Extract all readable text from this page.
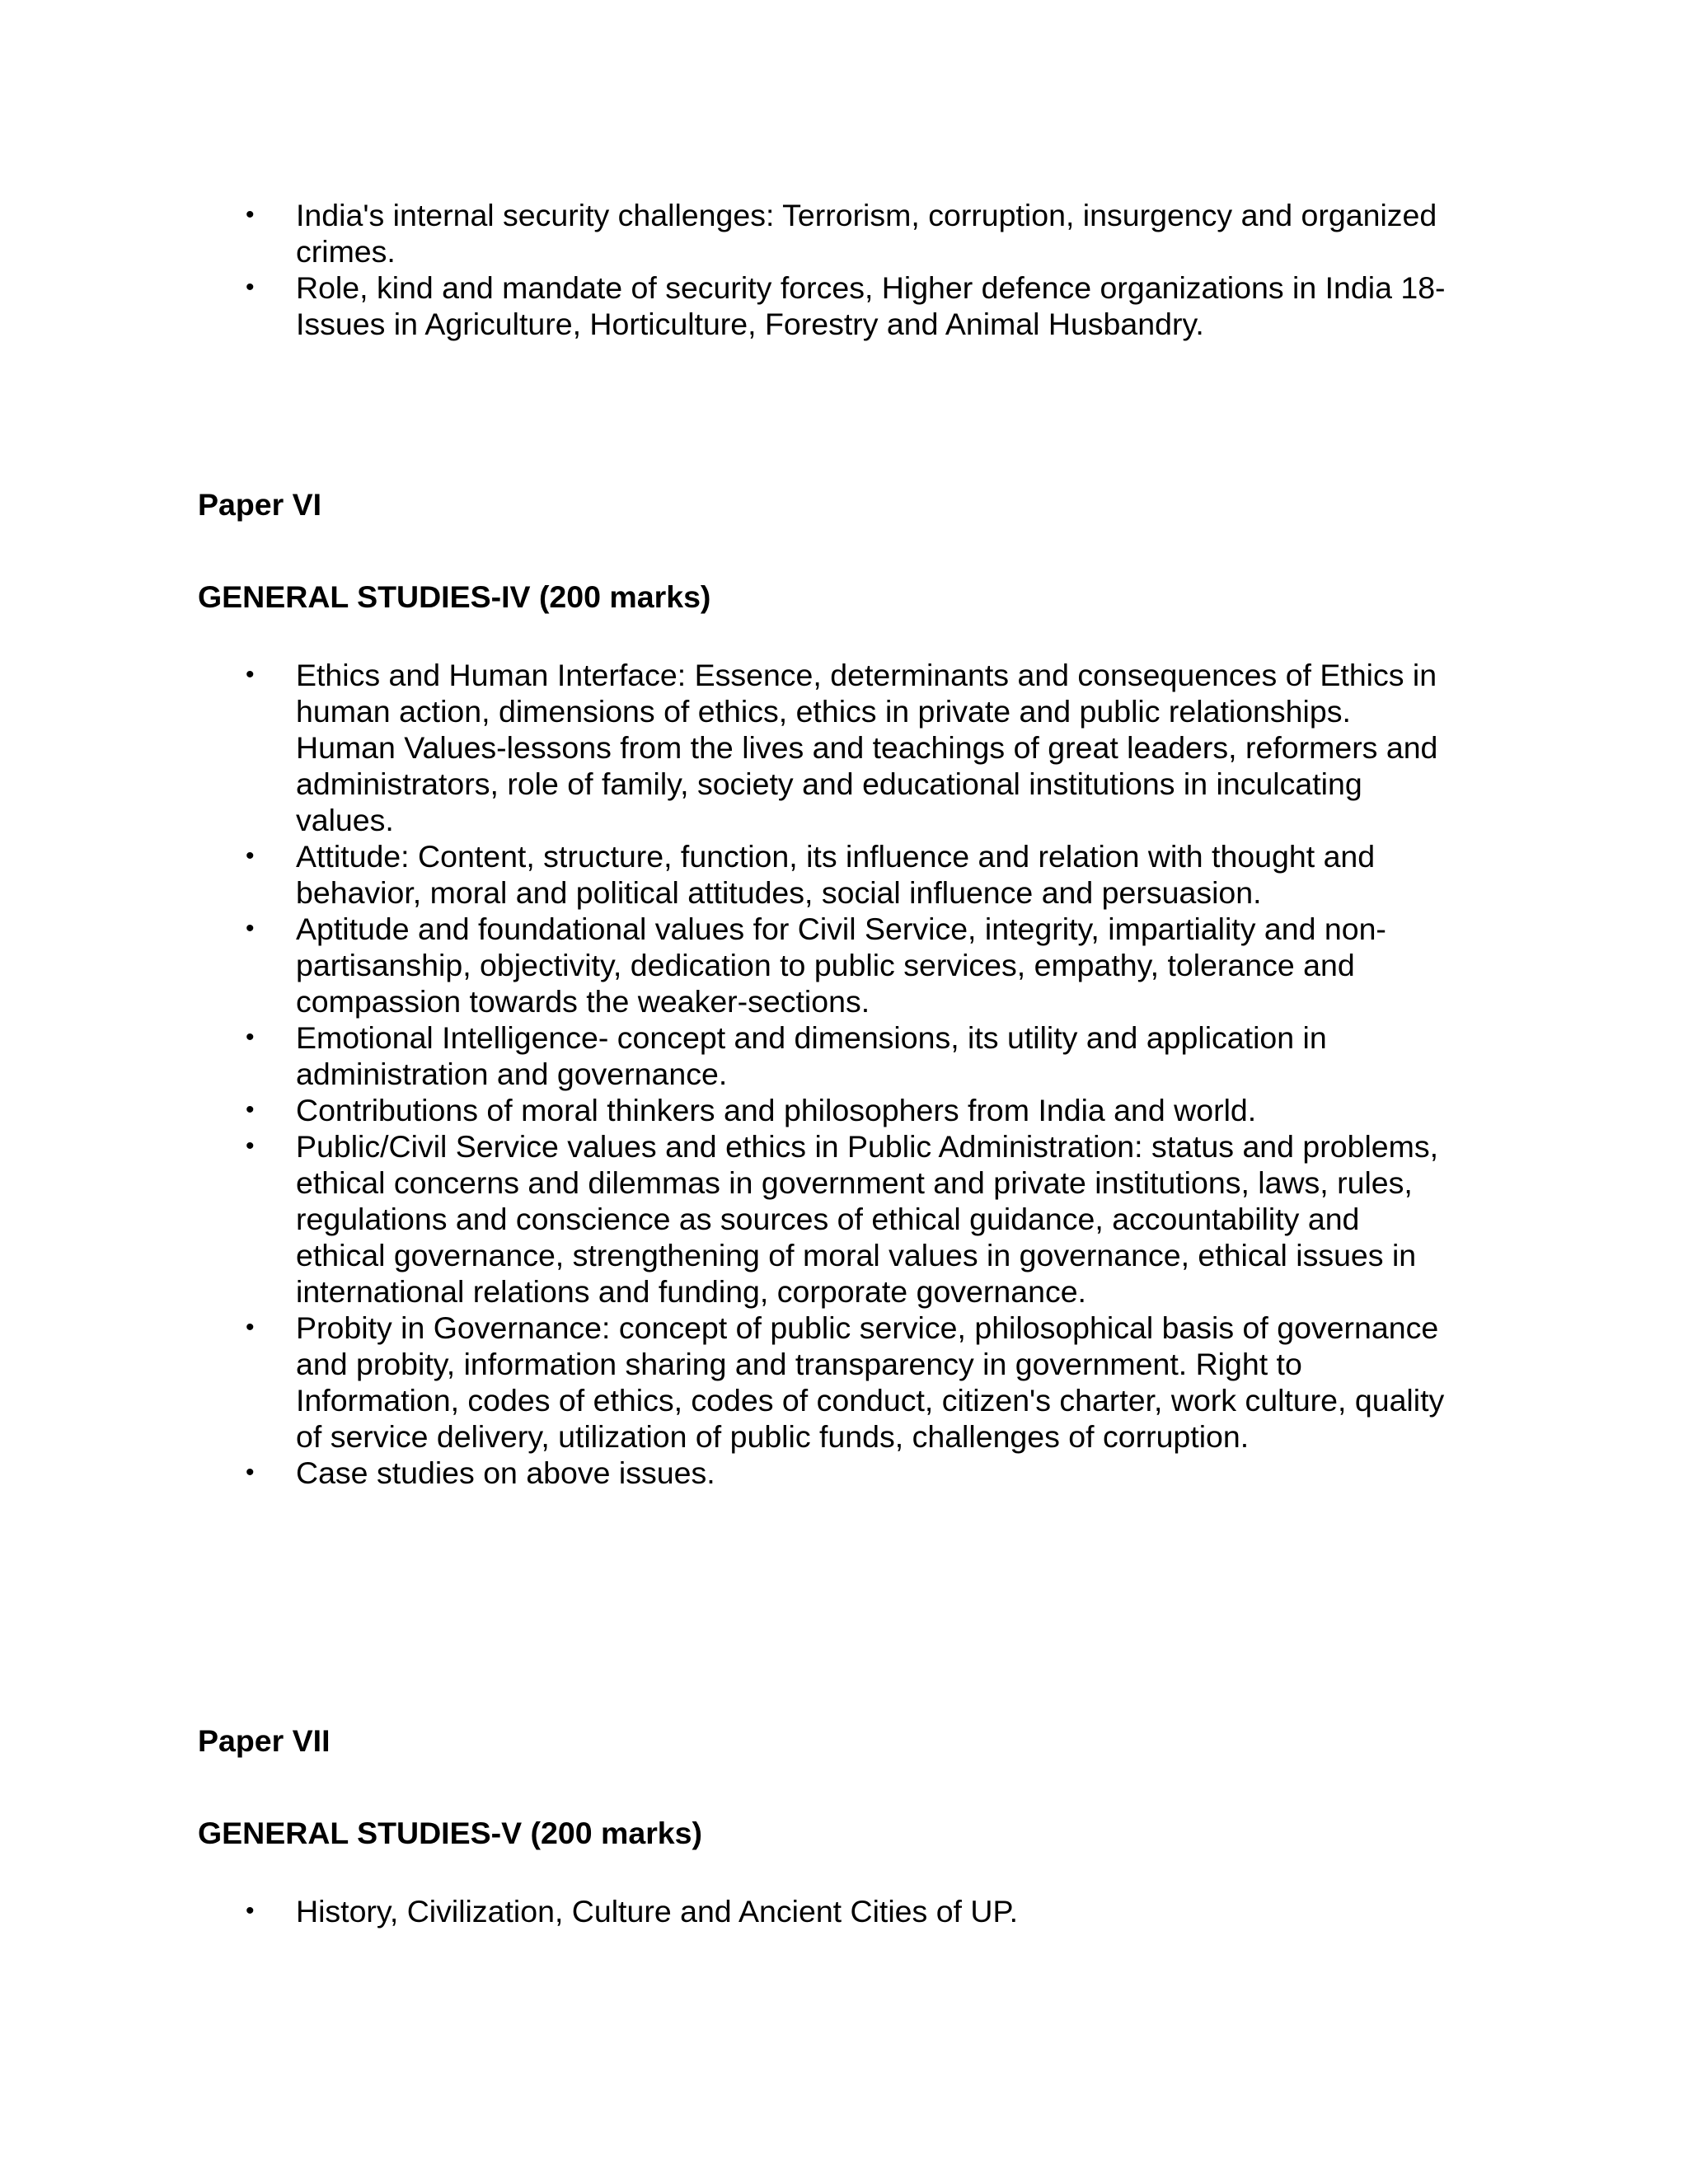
• India's internal security challenges: Terrorism, corruption, insurgency and organized
crimes.
• Role, kind and mandate of security forces, Higher defence organizations in India 18-
Issues in Agriculture, Horticulture, Forestry and Animal Husbandry.
Paper VI
GENERAL STUDIES-IV (200 marks)
• Ethics and Human Interface: Essence, determinants and consequences of Ethics in
human action, dimensions of ethics, ethics in private and public relationships.
Human Values-lessons from the lives and teachings of great leaders, reformers and
administrators, role of family, society and educational institutions in inculcating
values.
• Attitude: Content, structure, function, its influence and relation with thought and
behavior, moral and political attitudes, social influence and persuasion.
• Aptitude and foundational values for Civil Service, integrity, impartiality and non-
partisanship, objectivity, dedication to public services, empathy, tolerance and
compassion towards the weaker-sections.
• Emotional Intelligence- concept and dimensions, its utility and application in
administration and governance.
• Contributions of moral thinkers and philosophers from India and world.
• Public/Civil Service values and ethics in Public Administration: status and problems,
ethical concerns and dilemmas in government and private institutions, laws, rules,
regulations and conscience as sources of ethical guidance, accountability and
ethical governance, strengthening of moral values in governance, ethical issues in
international relations and funding, corporate governance.
• Probity in Governance: concept of public service, philosophical basis of governance
and probity, information sharing and transparency in government. Right to
Information, codes of ethics, codes of conduct, citizen's charter, work culture, quality
of service delivery, utilization of public funds, challenges of corruption.
• Case studies on above issues.
Paper VII
GENERAL STUDIES-V (200 marks)
• History, Civilization, Culture and Ancient Cities of UP.
